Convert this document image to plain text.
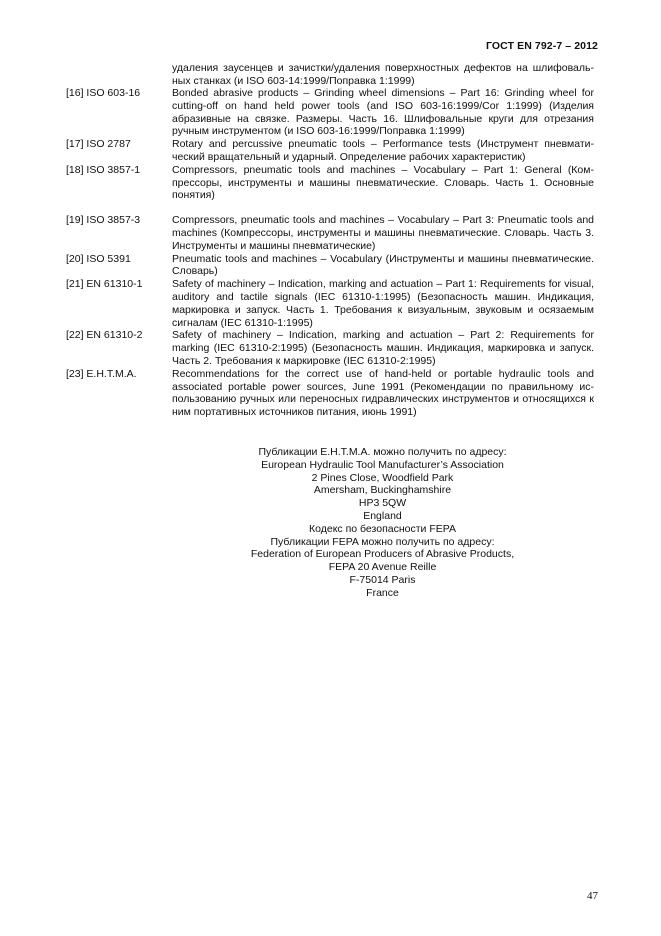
ГОСТ EN 792-7 – 2012
удаления заусенцев и зачистки/удаления поверхностных дефектов на шлифовальных станках (и ISO 603-14:1999/Поправка 1:1999)
[16] ISO 603-16	Bonded abrasive products – Grinding wheel dimensions – Part 16: Grinding wheel for cutting-off on hand held power tools (and ISO 603-16:1999/Cor 1:1999) (Изделия абразивные на связке. Размеры. Часть 16. Шлифовальные круги для отрезания ручным инструментом (и ISO 603-16:1999/Поправка 1:1999)
[17] ISO 2787	Rotary and percussive pneumatic tools – Performance tests (Инструмент пневматический вращательный и ударный. Определение рабочих характеристик)
[18] ISO 3857-1	Compressors, pneumatic tools and machines – Vocabulary – Part 1: General (Компрессоры, инструменты и машины пневматические. Словарь. Часть 1. Основные понятия)
[19] ISO 3857-3	Compressors, pneumatic tools and machines – Vocabulary – Part 3: Pneumatic tools and machines (Компрессоры, инструменты и машины пневматические. Словарь. Часть 3. Инструменты и машины пневматические)
[20] ISO 5391	Pneumatic tools and machines – Vocabulary (Инструменты и машины пневматические. Словарь)
[21] EN 61310-1	Safety of machinery – Indication, marking and actuation – Part 1: Requirements for visual, auditory and tactile signals (IEC 61310-1:1995) (Безопасность машин. Индикация, маркировка и запуск. Часть 1. Требования к визуальным, звуковым и осязаемым сигналам (IEC 61310-1:1995)
[22] EN 61310-2	Safety of machinery – Indication, marking and actuation – Part 2: Requirements for marking (IEC 61310-2:1995) (Безопасность машин. Индикация, маркировка и запуск. Часть 2. Требования к маркировке (IEC 61310-2:1995)
[23] E.H.T.M.A.	Recommendations for the correct use of hand-held or portable hydraulic tools and associated portable power sources, June 1991 (Рекомендации по правильному использованию ручных или переносных гидравлических инструментов и относящихся к ним портативных источников питания, июнь 1991)
Публикации E.H.T.M.A. можно получить по адресу:
European Hydraulic Tool Manufacturer’s Association
2 Pines Close, Woodfield Park
Amersham, Buckinghamshire
HP3 5QW
England
Кодекс по безопасности FEPA
Публикации FEPA можно получить по адресу:
Federation of European Producers of Abrasive Products,
FEPA 20 Avenue Reille
F-75014 Paris
France
47
